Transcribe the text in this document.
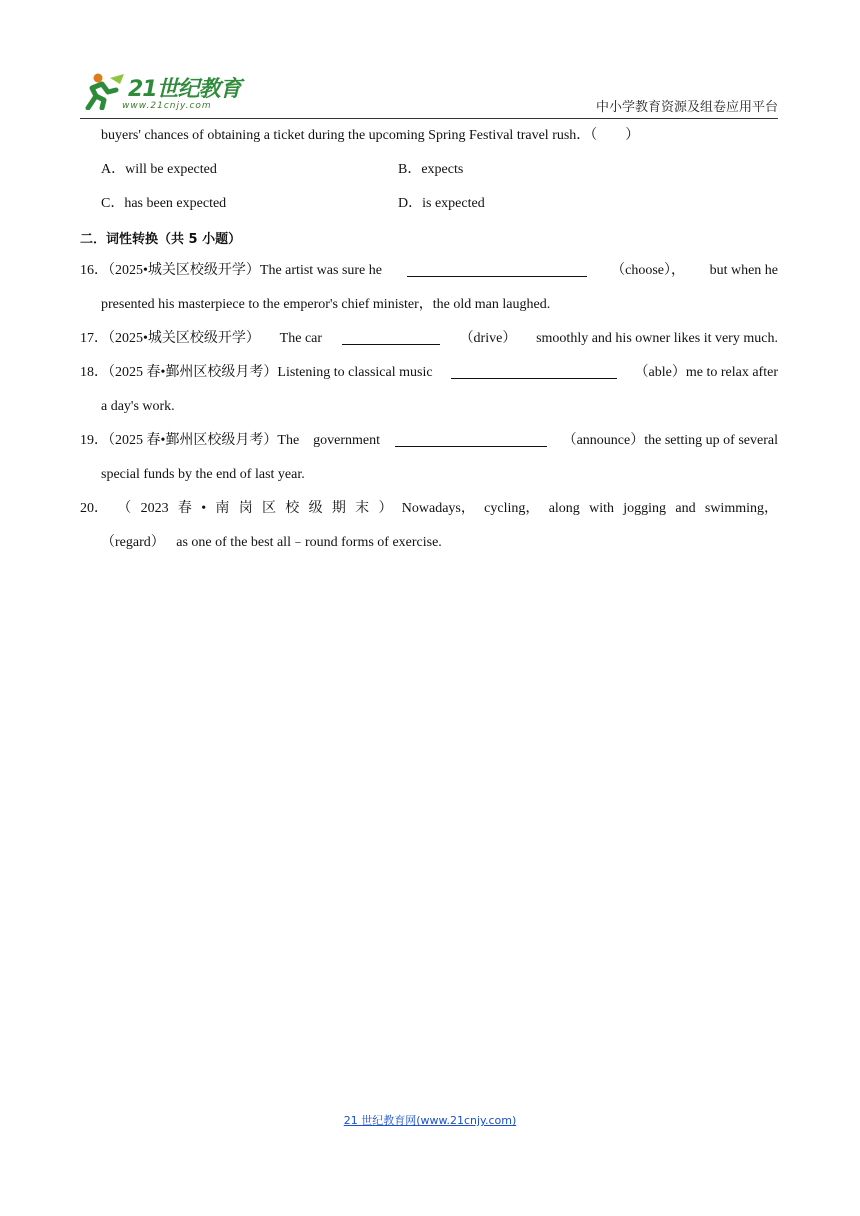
21世纪教育
www.21cnjy.com	中小学教育资源及组卷应用平台
buyers' chances of obtaining a ticket during the upcoming Spring Festival travel rush．（　　）
A．will be expected	B．expects
C．has been expected	D．is expected
二．词性转换（共 5 小题）
16．（2025•城关区校级开学）The artist was sure he	（choose）， but when he
presented his masterpiece to the emperor's chief minister，the old man laughed.
17．（2025•城关区校级开学） The car	（drive） smoothly and his owner likes it very much.
18．（2025 春•鄞州区校级月考）Listening to classical music	（able）me to relax after
a day's work.
19．（2025 春•鄞州区校级月考）The　government	（announce）the setting up of several
special funds by the end of last year.
20． （ 2023 春 • 南 岗 区 校 级 期 末 ） Nowadays， cycling， along with jogging and swimming，
（regard） as one of the best all﹣round forms of exercise.
21 世纪教育网(www.21cnjy.com)
